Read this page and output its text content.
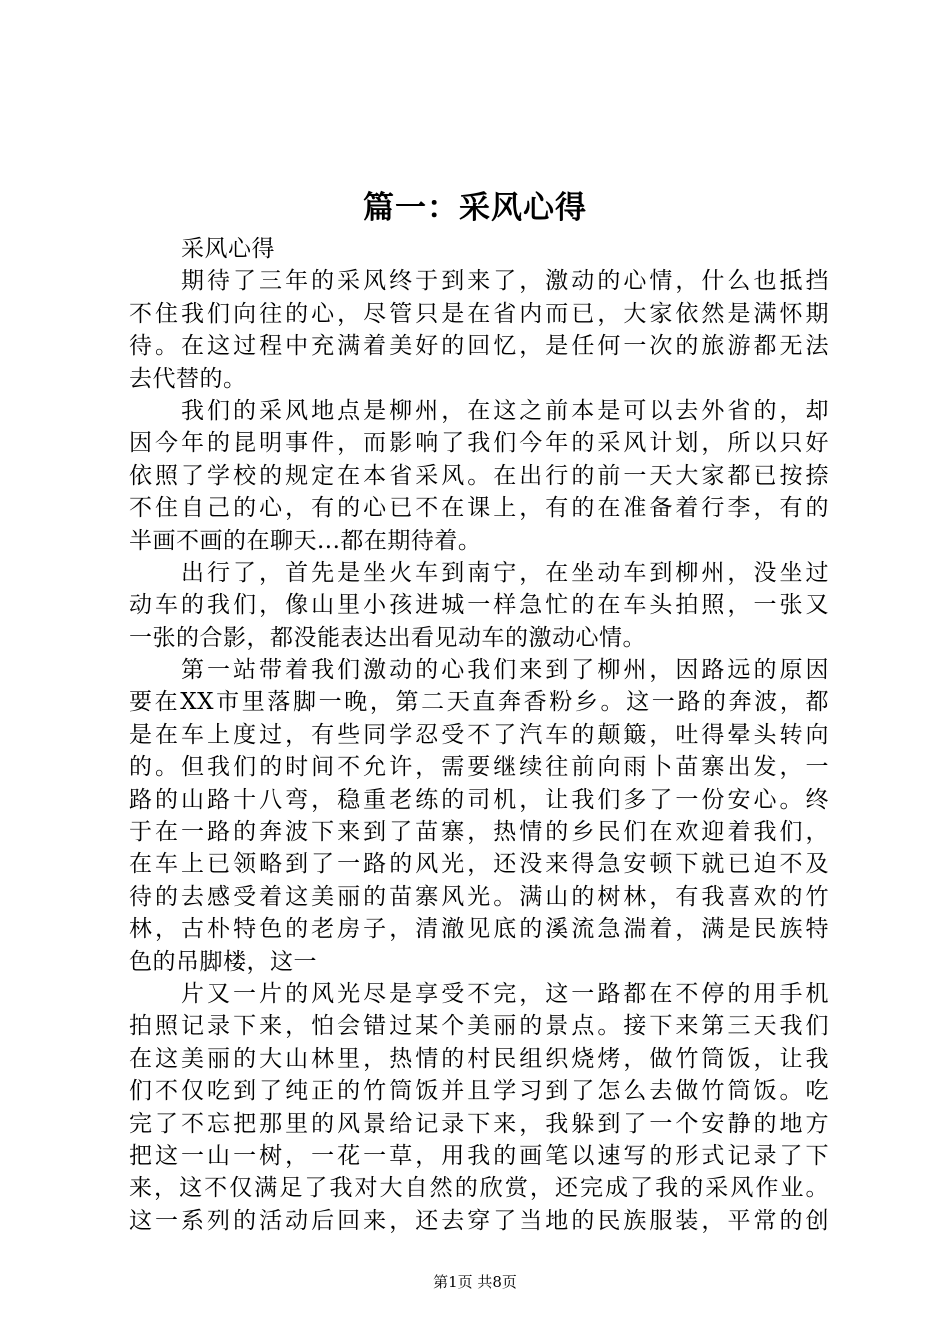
篇一：采风心得
采风心得
期待了三年的采风终于到来了，激动的心情，什么也抵挡
不住我们向往的心，尽管只是在省内而已，大家依然是满怀期
待。在这过程中充满着美好的回忆，是任何一次的旅游都无法
去代替的。
我们的采风地点是柳州，在这之前本是可以去外省的，却
因今年的昆明事件，而影响了我们今年的采风计划，所以只好
依照了学校的规定在本省采风。在出行的前一天大家都已按捺
不住自己的心，有的心已不在课上，有的在准备着行李，有的
半画不画的在聊天...都在期待着。
出行了，首先是坐火车到南宁，在坐动车到柳州，没坐过
动车的我们，像山里小孩进城一样急忙的在车头拍照，一张又
一张的合影，都没能表达出看见动车的激动心情。
第一站带着我们激动的心我们来到了柳州，因路远的原因
要在XX市里落脚一晚，第二天直奔香粉乡。这一路的奔波，都
是在车上度过，有些同学忍受不了汽车的颠簸，吐得晕头转向
的。但我们的时间不允许，需要继续往前向雨卜苗寨出发，一
路的山路十八弯，稳重老练的司机，让我们多了一份安心。终
于在一路的奔波下来到了苗寨，热情的乡民们在欢迎着我们，
在车上已领略到了一路的风光，还没来得急安顿下就已迫不及
待的去感受着这美丽的苗寨风光。满山的树林，有我喜欢的竹
林，古朴特色的老房子，清澈见底的溪流急湍着，满是民族特
色的吊脚楼，这一
片又一片的风光尽是享受不完，这一路都在不停的用手机
拍照记录下来，怕会错过某个美丽的景点。接下来第三天我们
在这美丽的大山林里，热情的村民组织烧烤，做竹筒饭，让我
们不仅吃到了纯正的竹筒饭并且学习到了怎么去做竹筒饭。吃
完了不忘把那里的风景给记录下来，我躲到了一个安静的地方
把这一山一树，一花一草，用我的画笔以速写的形式记录了下
来，这不仅满足了我对大自然的欣赏，还完成了我的采风作业。
这一系列的活动后回来，还去穿了当地的民族服装，平常的创
第1页 共8页
